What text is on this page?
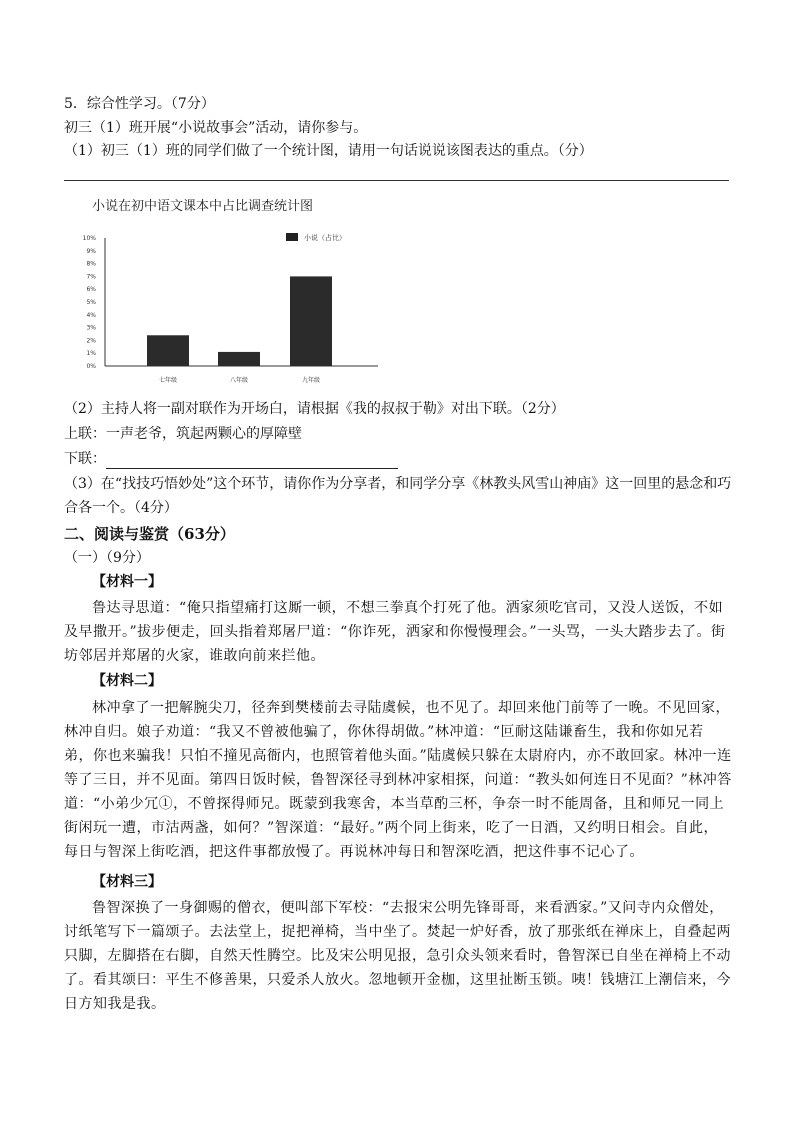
5．综合性学习。（7分）
初三（1）班开展“小说故事会”活动，请你参与。
（1）初三（1）班的同学们做了一个统计图，请用一句话说说该图表达的重点。（分）
小说在初中语文课本中占比调查统计图
小说（占比）
10%
9%
8%
7%
6%
5%
4%
3%
2%
1%
0%
七年级	八年级	九年级
（2）主持人将一副对联作为开场白，请根据《我的叔叔于勒》对出下联。（2分）
上联：一声老爷，筑起两颗心的厚障壁
下联：
（3）在“找技巧悟妙处”这个环节，请你作为分享者，和同学分享《林教头风雪山神庙》这一回里的悬念和巧合各一个。（4分）
二、阅读与鉴赏（63分）
（一）（9分）
【材料一】
鲁达寻思道：“俺只指望痛打这厮一顿，不想三拳真个打死了他。洒家须吃官司，又没人送饭，不如及早撒开。”拔步便走，回头指着郑屠尸道：“你诈死，洒家和你慢慢理会。”一头骂，一头大踏步去了。街坊邻居并郑屠的火家，谁敢向前来拦他。
【材料二】
林冲拿了一把解腕尖刀，径奔到樊楼前去寻陆虞候，也不见了。却回来他门前等了一晚。不见回家，林冲自归。娘子劝道：“我又不曾被他骗了，你休得胡做。”林冲道：“叵耐这陆谦畜生，我和你如兄若弟，你也来骗我！只怕不撞见高衙内，也照管着他头面。”陆虞候只躲在太尉府内，亦不敢回家。林冲一连等了三日，并不见面。第四日饭时候，鲁智深径寻到林冲家相探，问道：“教头如何连日不见面？”林冲答道：“小弟少冗①，不曾探得师兄。既蒙到我寒舍，本当草酌三杯，争奈一时不能周备，且和师兄一同上街闲玩一遭，市沽两盏，如何？”智深道：“最好。”两个同上街来，吃了一日酒，又约明日相会。自此，每日与智深上街吃酒，把这件事都放慢了。再说林冲每日和智深吃酒，把这件事不记心了。
【材料三】
鲁智深换了一身御赐的僧衣，便叫部下军校：“去报宋公明先锋哥哥，来看洒家。”又问寺内众僧处，讨纸笔写下一篇颂子。去法堂上，捉把禅椅，当中坐了。焚起一炉好香，放了那张纸在禅床上，自叠起两只脚，左脚搭在右脚，自然天性腾空。比及宋公明见报，急引众头领来看时，鲁智深已自坐在禅椅上不动了。看其颂曰：平生不修善果，只爱杀人放火。忽地顿开金枷，这里扯断玉锁。咦！钱塘江上潮信来，今日方知我是我。
